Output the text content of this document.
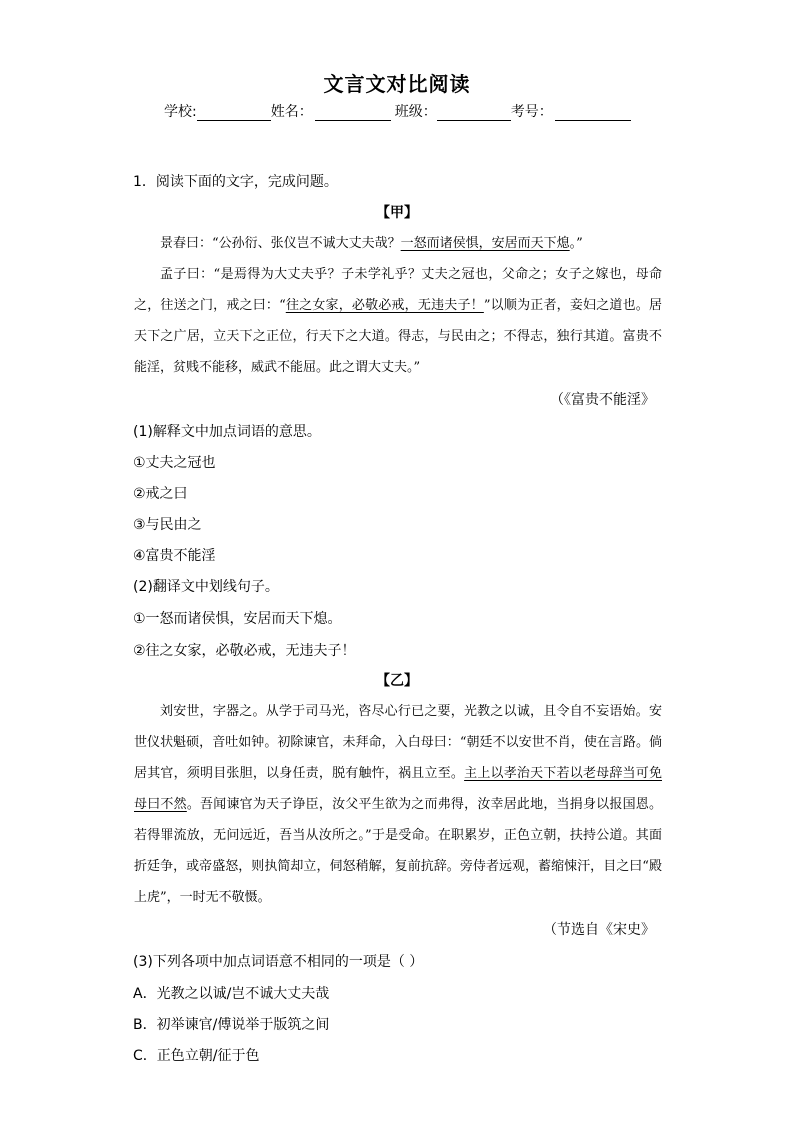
文言文对比阅读
学校:	姓名：	班级：	考号：
1．阅读下面的文字，完成问题。
【甲】

景春曰：“公孙衍、张仪岂不诚大丈夫哉？一怒而诸侯惧，安居而天下熄。”

孟子曰：“是焉得为大丈夫乎？子未学礼乎？丈夫之冠也，父命之；女子之嫁也，母命之，往送之门，戒之曰：“往之女家，必敬必戒，无违夫子！”以顺为正者，妾妇之道也。居天下之广居，立天下之正位，行天下之大道。得志，与民由之；不得志，独行其道。富贵不能淫，贫贱不能移，威武不能屈。此之谓大丈夫。”

（《富贵不能淫》
(1)解释文中加点词语的意思。
①丈夫之冠也
②戒之曰
③与民由之
④富贵不能淫
(2)翻译文中划线句子。
①一怒而诸侯惧，安居而天下熄。
②往之女家，必敬必戒，无违夫子！
【乙】

刘安世，字器之。从学于司马光，咨尽心行已之要，光教之以诚，且令自不妄语始。安世仪状魁硕，音吐如钟。初除谏官，未拜命，入白母曰：“朝廷不以安世不肖，使在言路。倘居其官，须明目张胆，以身任责，脱有触忤，祸且立至。主上以孝治天下若以老母辞当可免母曰不然。吾闻谏官为天子诤臣，汝父平生欲为之而弗得，汝幸居此地，当捐身以报国恩。若得罪流放，无问远近，吾当从汝所之。”于是受命。在职累岁，正色立朝，扶持公道。其面折廷争，或帝盛怒，则执简却立，伺怒稍解，复前抗辞。旁侍者远观，蓄缩悚汗，目之曰“殿上虎”，一时无不敬慑。

（节选自《宋史》
(3)下列各项中加点词语意不相同的一项是（ ）
A．光教之以诚/岂不诚大丈夫哉
B．初举谏官/傅说举于版筑之间
C．正色立朝/征于色
